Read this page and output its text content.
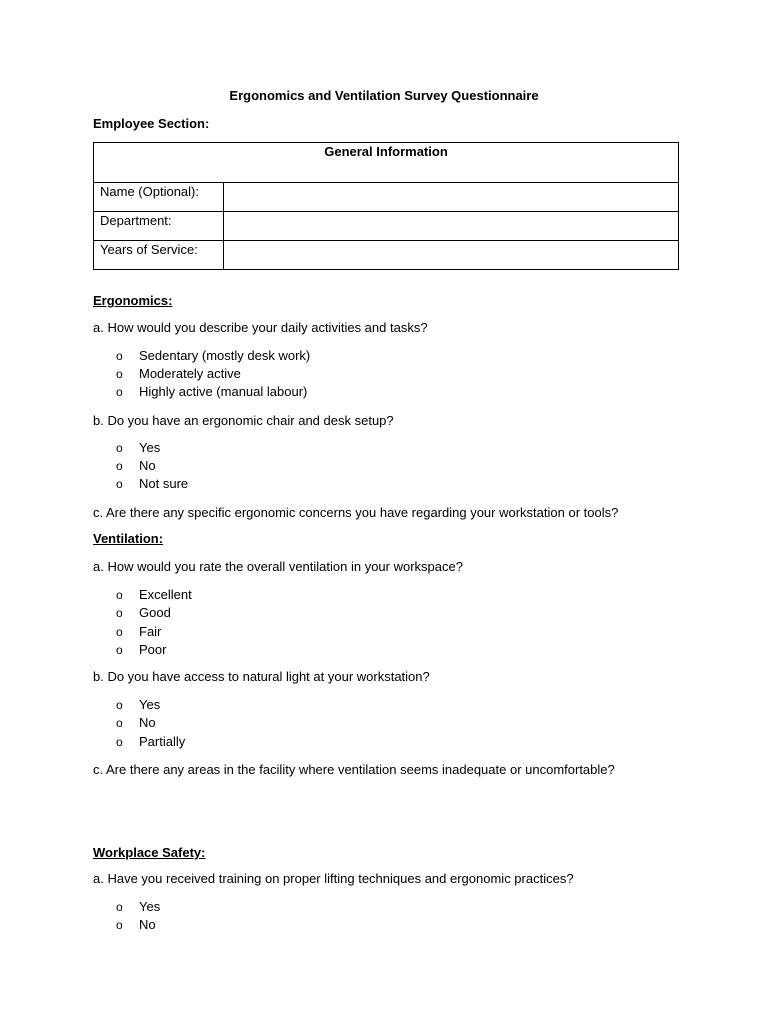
Ergonomics and Ventilation Survey Questionnaire
Employee Section:
General Information	
Name (Optional):	
Department:	
Years of Service:	
Ergonomics:
a. How would you describe your daily activities and tasks?
o Sedentary (mostly desk work)
o Moderately active
o Highly active (manual labour)
b. Do you have an ergonomic chair and desk setup?
o Yes
o No
o Not sure
c. Are there any specific ergonomic concerns you have regarding your workstation or tools?
Ventilation:
a. How would you rate the overall ventilation in your workspace?
o Excellent
o Good
o Fair
o Poor
b. Do you have access to natural light at your workstation?
o Yes
o No
o Partially
c. Are there any areas in the facility where ventilation seems inadequate or uncomfortable?
Workplace Safety:
a. Have you received training on proper lifting techniques and ergonomic practices?
o Yes
o No
